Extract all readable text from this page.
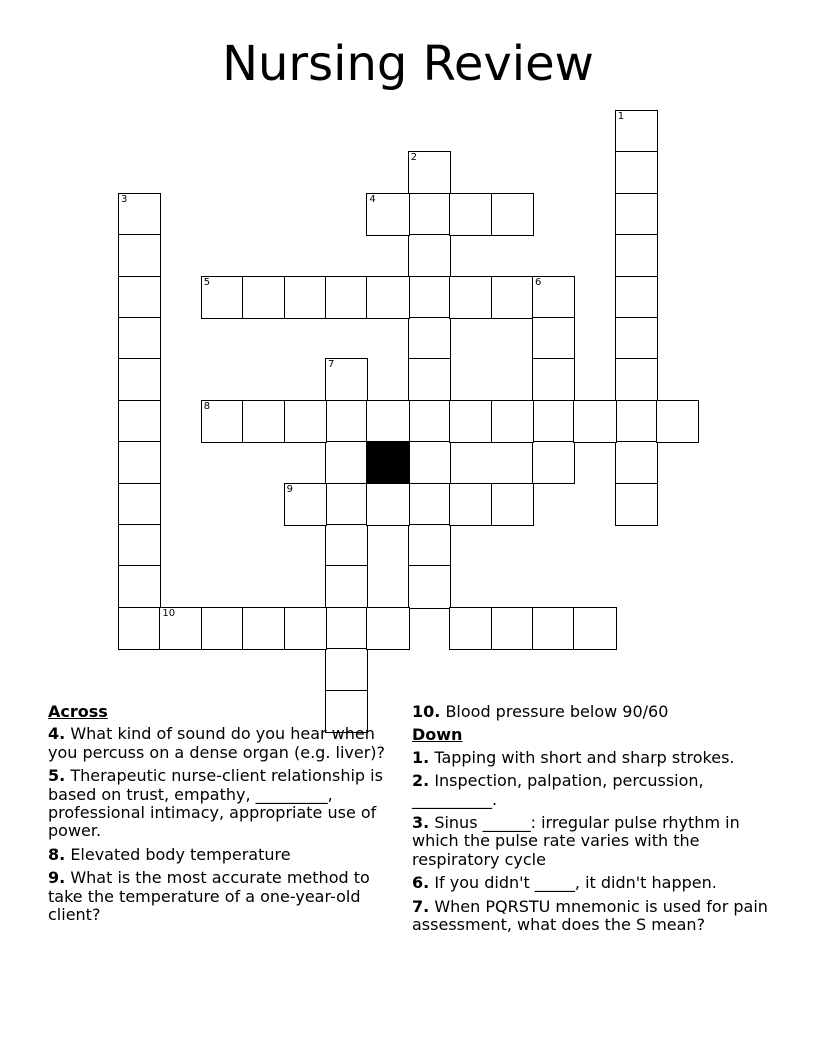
Nursing Review
1
2
3	4
5	6
7
8
9
10
Across
4. What kind of sound do you hear when you percuss on a dense organ (e.g. liver)?
5. Therapeutic nurse-client relationship is based on trust, empathy, _________, professional intimacy, appropriate use of power.
8. Elevated body temperature
9. What is the most accurate method to take the temperature of a one-year-old client?
10. Blood pressure below 90/60
Down
1. Tapping with short and sharp strokes.
2. Inspection, palpation, percussion, __________.
3. Sinus ______: irregular pulse rhythm in which the pulse rate varies with the respiratory cycle
6. If you didn't _____, it didn't happen.
7. When PQRSTU mnemonic is used for pain assessment, what does the S mean?
